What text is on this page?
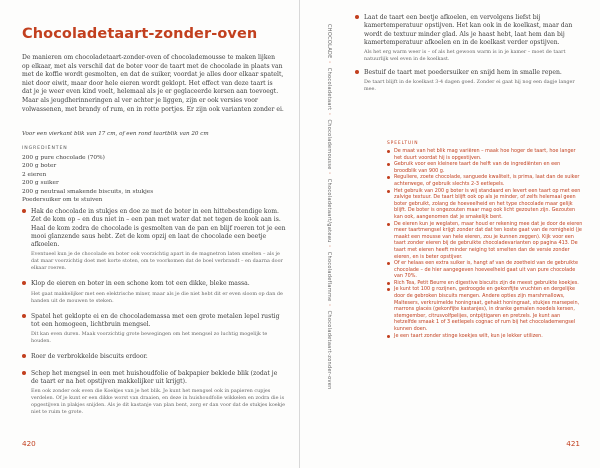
Chocoladetaart-zonder-oven

De manieren om chocoladetaart-zonder-oven of chocolademousse te maken lijken op elkaar, met als verschil dat de boter voor de taart met de chocolade in plaats van met de koffie wordt gesmolten, en dat de suiker, voordat je alles door elkaar spatelt, niet door eiwit, maar door hele eieren wordt geklopt. Het effect van deze taart is dat je je weer even kind voelt, helemaal als je er geglaceerde kersen aan toevoegt. Maar als jeugdherinneringen al ver achter je liggen, zijn er ook versies voor volwassenen, met brandy of rum, en in rotte portjes. Er zijn ook varianten zonder ei.

Voor een vierkant blik van 17 cm, of een rond taartblik van 20 cm

INGREDIËNTEN
200 g pure chocolade (70%)
200 g boter
2 eieren
200 g suiker
200 g neutraal smakende biscuits, in stukjes
Poedersuiker om te stuiven
Hak de chocolade in stukjes en doe ze met de boter in een hittebestendige kom. Zet de kom op – en dus niet in – een pan met water dat net tegen de kook aan is. Haal de kom zodra de chocolade is gesmolten van de pan en blijf roeren tot je een mooi glanzende saus hebt. Zet de kom opzij en laat de chocolade een beetje afkoelen.
Eventueel kun je de chocolade en boter ook voorzichtig apart in de magnetron laten smelten – als je dat maar voorzichtig doet met korte stoten, om te voorkomen dat de boel verbrandt – en daarna door elkaar roeren.
Klop de eieren en boter in een schone kom tot een dikke, bleke massa.
Het gaat makkelijker met een elektrische mixer, maar als je die niet hebt dit er even sloom op dan de handen uit de mouwen te steken.
Spatel het geklopte ei en de chocolademassa met een grote metalen lepel rustig tot een homogeen, lichtbruin mengsel.
Dit kan even duren. Maak voorzichtig grote bewegingen om het mengsel zo luchtig mogelijk te houden.
Roer de verbrokkelde biscuits erdoor.
Schep het mengsel in een met huishoudfolie of bakpapier beklede blik (zodat je de taart er na het opstijven makkelijker uit krijgt).
Een ook zonder ook even die Koekjes van je het blik. Je kunt het mengsel ook in papieren cupjes verdelen. Of je kunt er een dikke worst van draaien, en deze in huishoudfolie wikkelen en zodra die is opgestijven in plakjes snijden. Als je dit kastanje van plan bent, zorg er dan voor dat de stukjes koekje niet te ruim te grote.
420	421
CHOCOLADE◦ Chocoladetaart◦ Chocolademousse◦ Chocoladetaart/gateau◦ Chocoladeflamme◦ Chocoladetaart-zonder-oven
Laat de taart een beetje afkoelen, en vervolgens liefst bij kamertemperatuur opstijven. Het kan ook in de koelkast, maar dan wordt de textuur minder glad. Als je haast hebt, laat hem dan bij kamertemperatuur afkoelen en in de koelkast verder opstijven.
Als het erg warm weer is – of als het gewoon warm is in je kamer – moet de taart natuurlijk wel even in de koelkast.
Bestuif de taart met poedersuiker en snijd hem in smalle repen.
De taart blijft in de koelkast 3-4 dagen goed. Zonder ei gaat hij nog een dagje langer mee.
SPEELTUIN
De maat van het blik mag variëren – maak hoe hoger de taart, hoe langer het duurt voordat hij is opgestijven.
Gebruik voor een kleinere taart de helft van de ingrediënten en een broodblik van 900 g.
Reguliere, zoete chocolade, sanguede kwaliteit, is prima, laat dan de suiker achterwege, of gebruik slechts 2-3 eetlepels.
Het gebruik van 200 g boter is wij standaard en levert een taart op met een zalvige textuur. De taart blijft ook op als je minder, of zelfs helemaal geen boter gebruikt, zolang de hoeveelheid en het type chocolade maar gelijk blijft. De boter is ongezouten maar mag ook licht gezouten zijn. Gezouten kan ook, aangenomen dat je smakelijk bent.
De eieren kun je weglaten, maar houd er rekening mee dat je door de eieren meer taartmengsel krijgt zonder dat dat ten koste gaat van de romigheid (je maakt een mousse van hele eieren, zou je kunnen zeggen). Kijk voor een taart zonder eieren bij de gebruikte chocoladevarianten op pagina 413. De taart met eieren heeft minder neiging tot smelten dan de versie zonder eieren, en is beter opstijver.
Of er helaas een extra suiker is, hangt af van de zoetheid van de gebruikte chocolade – de hier aangegeven hoeveelheid gaat uit van pure chocolade van 70%.
Rich Tea, Petit Beurre en digestive biscuits zijn de meest gebruikte koekjes.
Je kunt tot 100 g rozijnen, gedroogde en gekonfijte vruchten en dergelijke door de gebroken biscuits mengen. Andere opties zijn marshmallows, Maltesers, verkruimelde honingraat, gehakt honingraat, stukjes marsepein, marrons glacés (gekonfijte kastanjes), in dranke gemalen noedels kersen, stemgember, citrusvolfpelijes, ontpijtigaren en pretzels. Je kunt aan hetzelfde smaak 1 of 3 eetlepels cognac of rum bij het chocolademengsel kunnen doen.
Je een taart zonder stinge koekjes wilt, kun je lekker utilizen.
